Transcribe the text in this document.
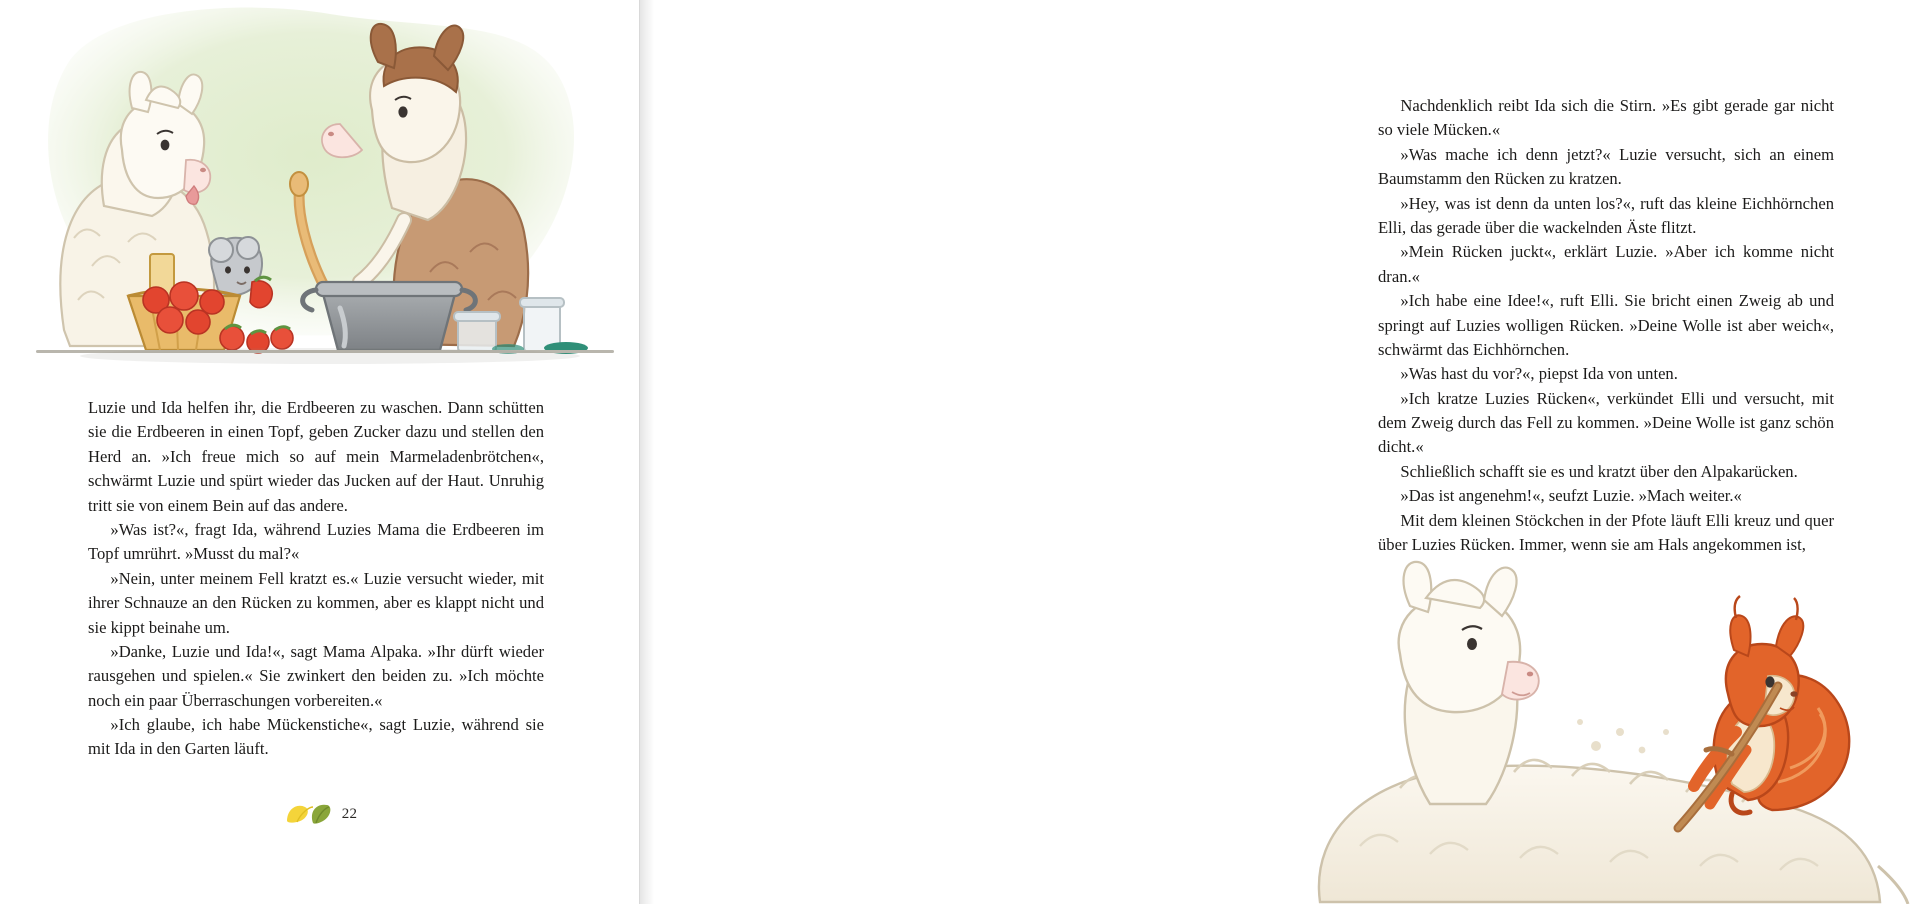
Luzie und Ida helfen ihr, die Erdbeeren zu waschen. Dann schütten sie die Erdbeeren in einen Topf, geben Zucker dazu und stellen den Herd an. »Ich freue mich so auf mein Marmeladenbrötchen«, schwärmt Luzie und spürt wieder das Jucken auf der Haut. Unruhig tritt sie von einem Bein auf das andere.

»Was ist?«, fragt Ida, während Luzies Mama die Erdbeeren im Topf umrührt. »Musst du mal?«

»Nein, unter meinem Fell kratzt es.« Luzie versucht wieder, mit ihrer Schnauze an den Rücken zu kommen, aber es klappt nicht und sie kippt beinahe um.

»Danke, Luzie und Ida!«, sagt Mama Alpaka. »Ihr dürft wieder rausgehen und spielen.« Sie zwinkert den beiden zu. »Ich möchte noch ein paar Überraschungen vorbereiten.«

»Ich glaube, ich habe Mückenstiche«, sagt Luzie, während sie mit Ida in den Garten läuft.

22

Nachdenklich reibt Ida sich die Stirn. »Es gibt gerade gar nicht so viele Mücken.«

»Was mache ich denn jetzt?« Luzie versucht, sich an einem Baumstamm den Rücken zu kratzen.

»Hey, was ist denn da unten los?«, ruft das kleine Eichhörnchen Elli, das gerade über die wackelnden Äste flitzt.

»Mein Rücken juckt«, erklärt Luzie. »Aber ich komme nicht dran.«

»Ich habe eine Idee!«, ruft Elli. Sie bricht einen Zweig ab und springt auf Luzies wolligen Rücken. »Deine Wolle ist aber weich«, schwärmt das Eichhörnchen.

»Was hast du vor?«, piepst Ida von unten.

»Ich kratze Luzies Rücken«, verkündet Elli und versucht, mit dem Zweig durch das Fell zu kommen. »Deine Wolle ist ganz schön dicht.«

Schließlich schafft sie es und kratzt über den Alpakarücken.

»Das ist angenehm!«, seufzt Luzie. »Mach weiter.«

Mit dem kleinen Stöckchen in der Pfote läuft Elli kreuz und quer über Luzies Rücken. Immer, wenn sie am Hals angekommen ist,
